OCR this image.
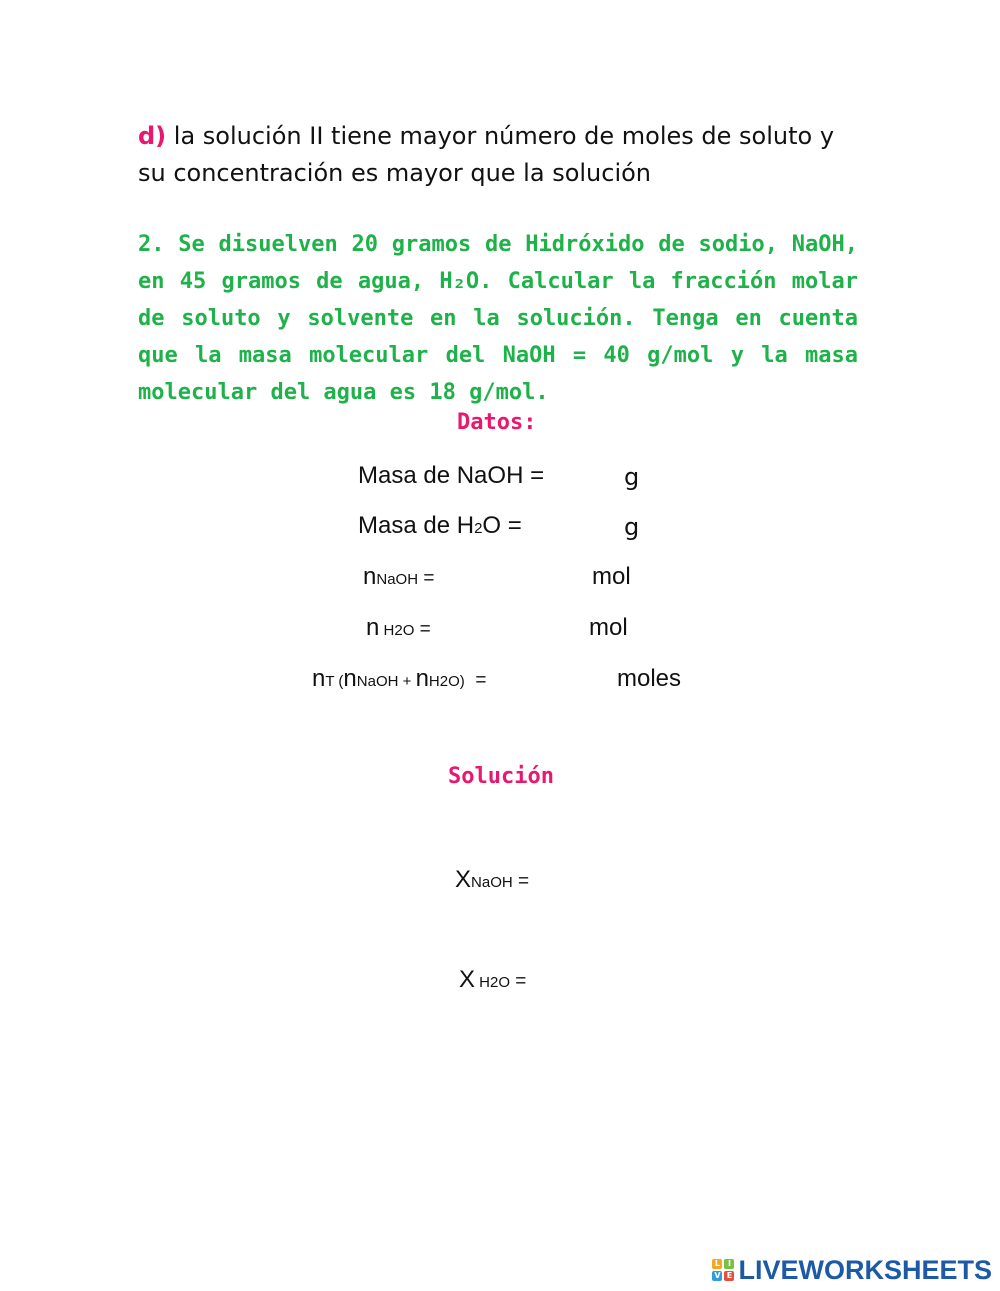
d) la solución II tiene mayor número de moles de soluto y su concentración es mayor que la solución
2. Se disuelven 20 gramos de Hidróxido de sodio, NaOH, en 45 gramos de agua, H₂O. Calcular la fracción molar de soluto y solvente en la solución. Tenga en cuenta que la masa molecular del NaOH = 40 g/mol y la masa molecular del agua es 18 g/mol.
Datos:
Masa de NaOH =	g
Masa de H2O =	g
nNaOH =	mol
n H2O =	mol
nT (nNaOH + nH2O)  =	moles
Solución
XNaOH =
X H2O =
L I
V E LIVEWORKSHEETS
